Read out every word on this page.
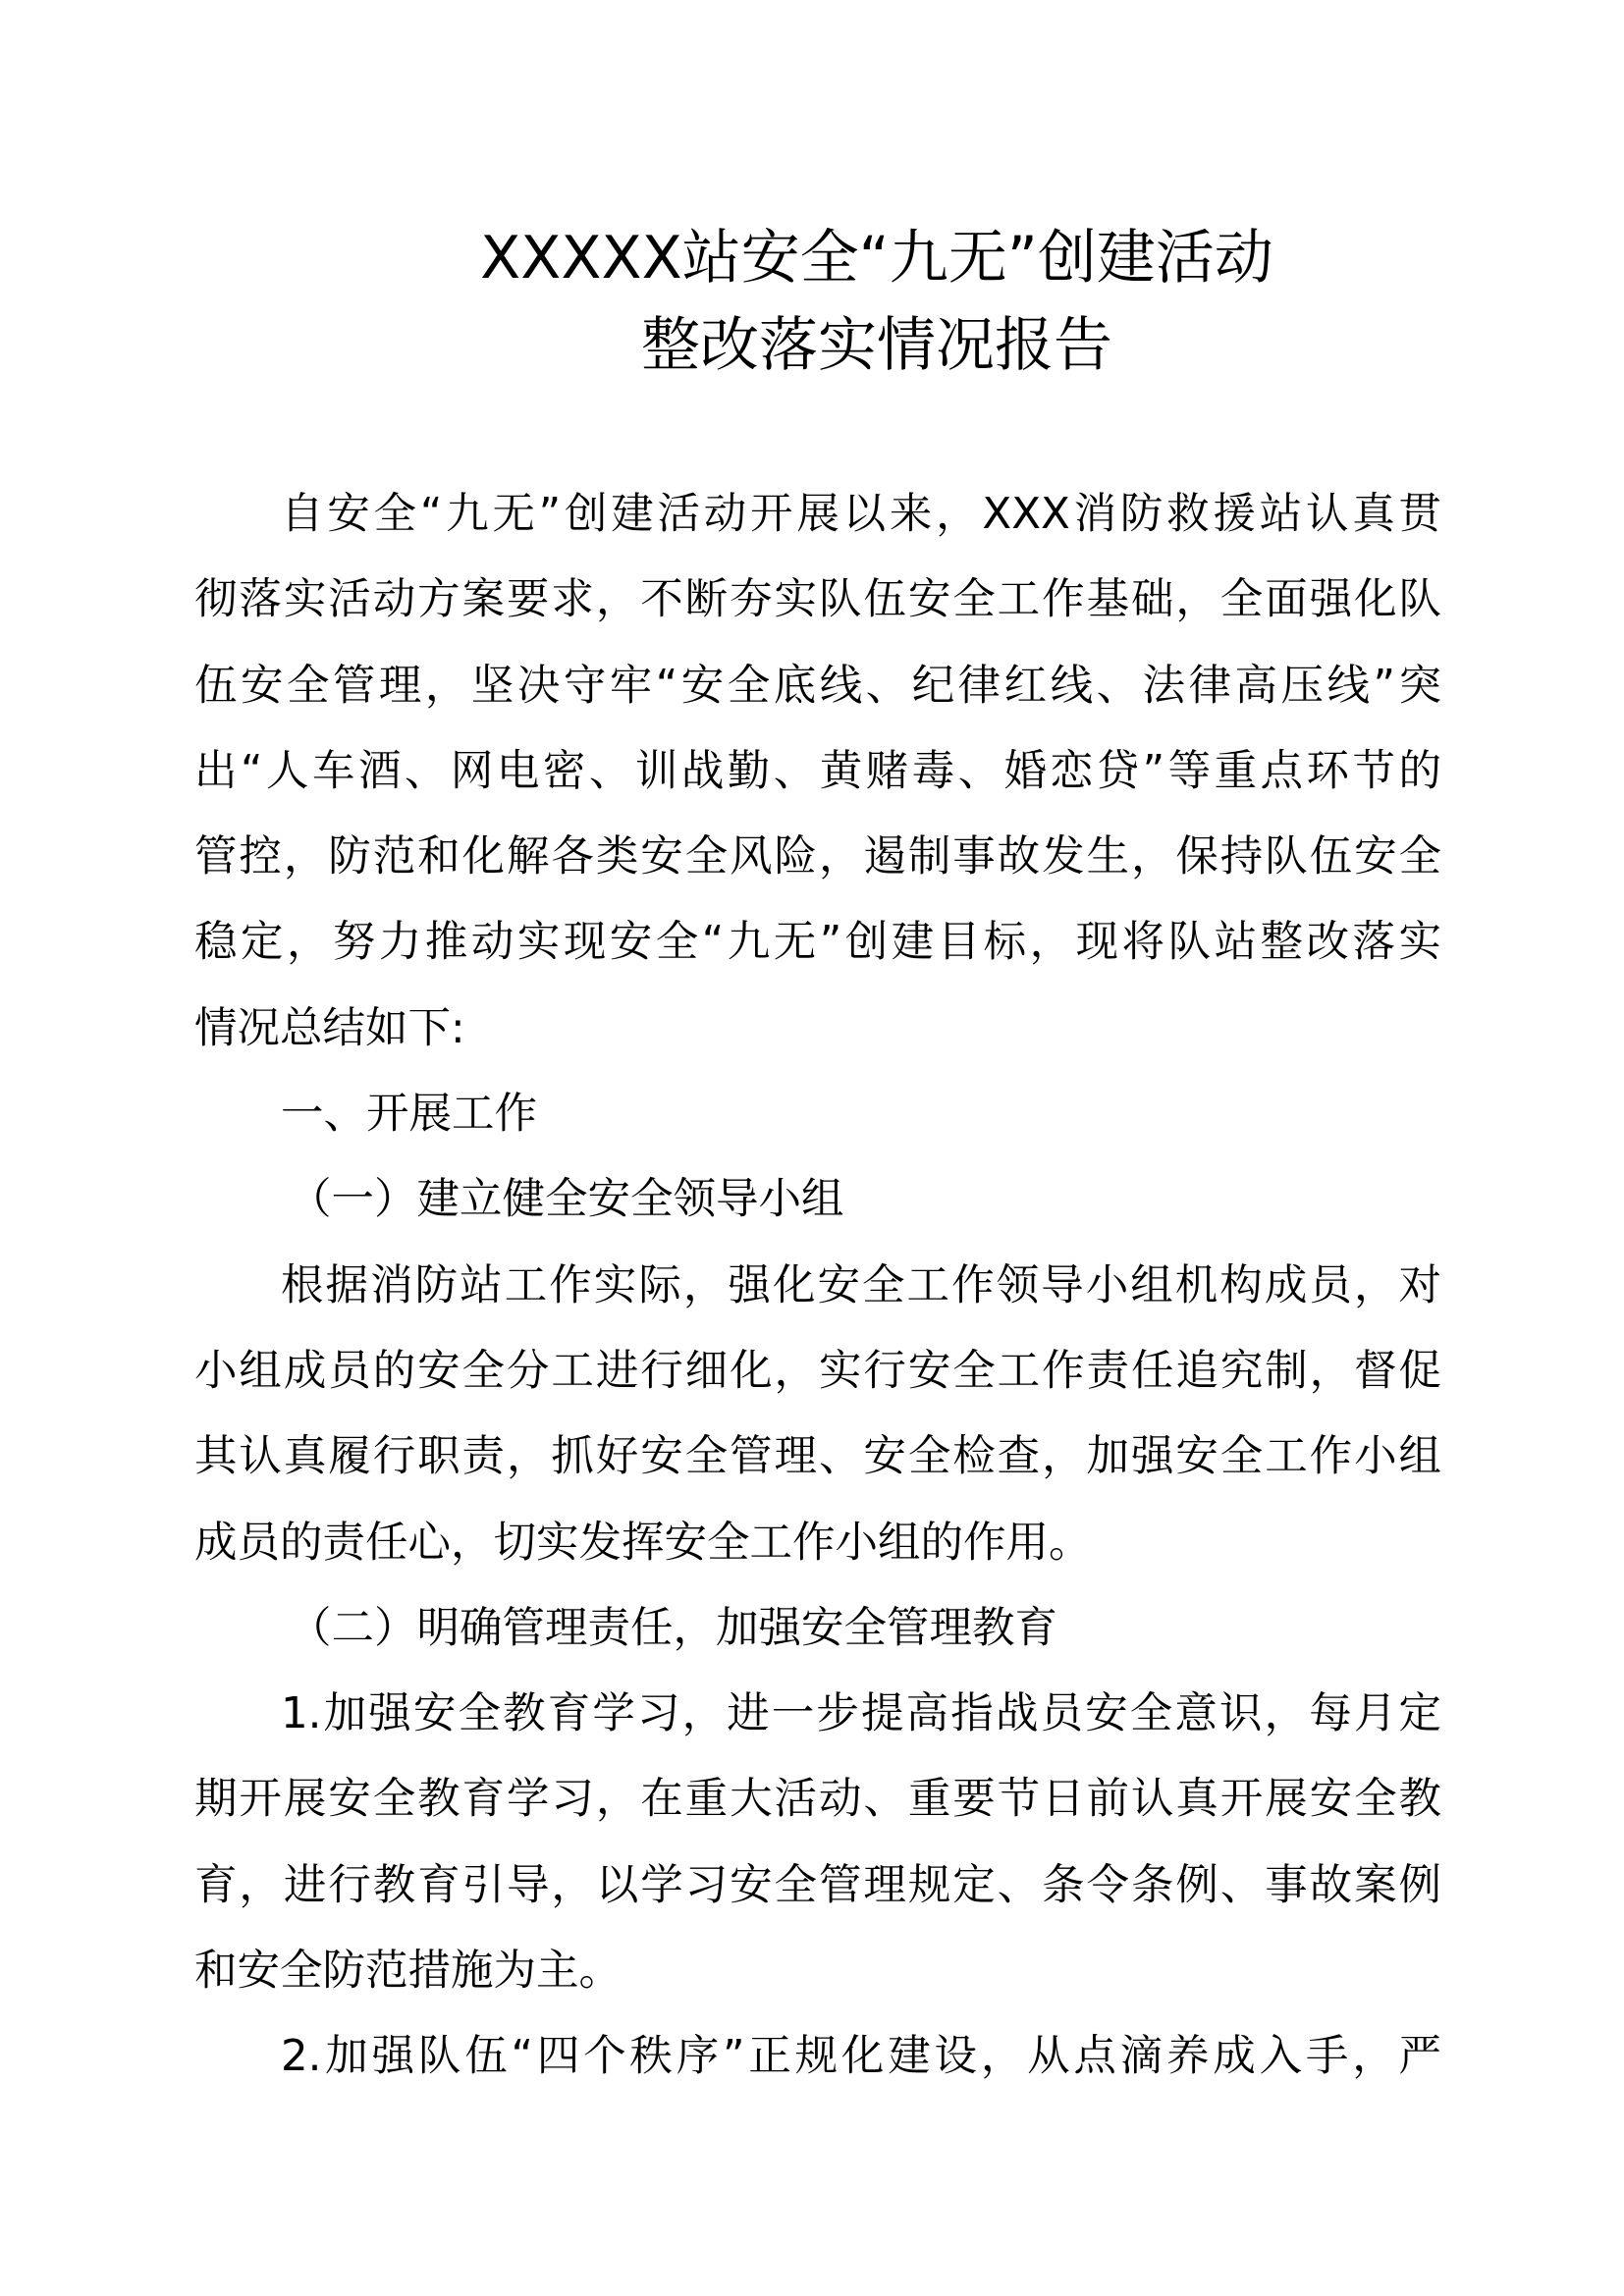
XXXXX站安全“九无”创建活动
整改落实情况报告
自安全“九无”创建活动开展以来，XXX消防救援站认真贯
彻落实活动方案要求，不断夯实队伍安全工作基础，全面强化队
伍安全管理，坚决守牢“安全底线、纪律红线、法律高压线”突
出“人车酒、网电密、训战勤、黄赌毒、婚恋贷”等重点环节的
管控，防范和化解各类安全风险，遏制事故发生，保持队伍安全
稳定，努力推动实现安全“九无”创建目标，现将队站整改落实
情况总结如下:
一、开展工作
（一）建立健全安全领导小组
根据消防站工作实际，强化安全工作领导小组机构成员，对
小组成员的安全分工进行细化，实行安全工作责任追究制，督促
其认真履行职责，抓好安全管理、安全检查，加强安全工作小组
成员的责任心，切实发挥安全工作小组的作用。
（二）明确管理责任，加强安全管理教育
1.加强安全教育学习，进一步提高指战员安全意识，每月定
期开展安全教育学习，在重大活动、重要节日前认真开展安全教
育，进行教育引导，以学习安全管理规定、条令条例、事故案例
和安全防范措施为主。
2.加强队伍“四个秩序”正规化建设，从点滴养成入手，严
